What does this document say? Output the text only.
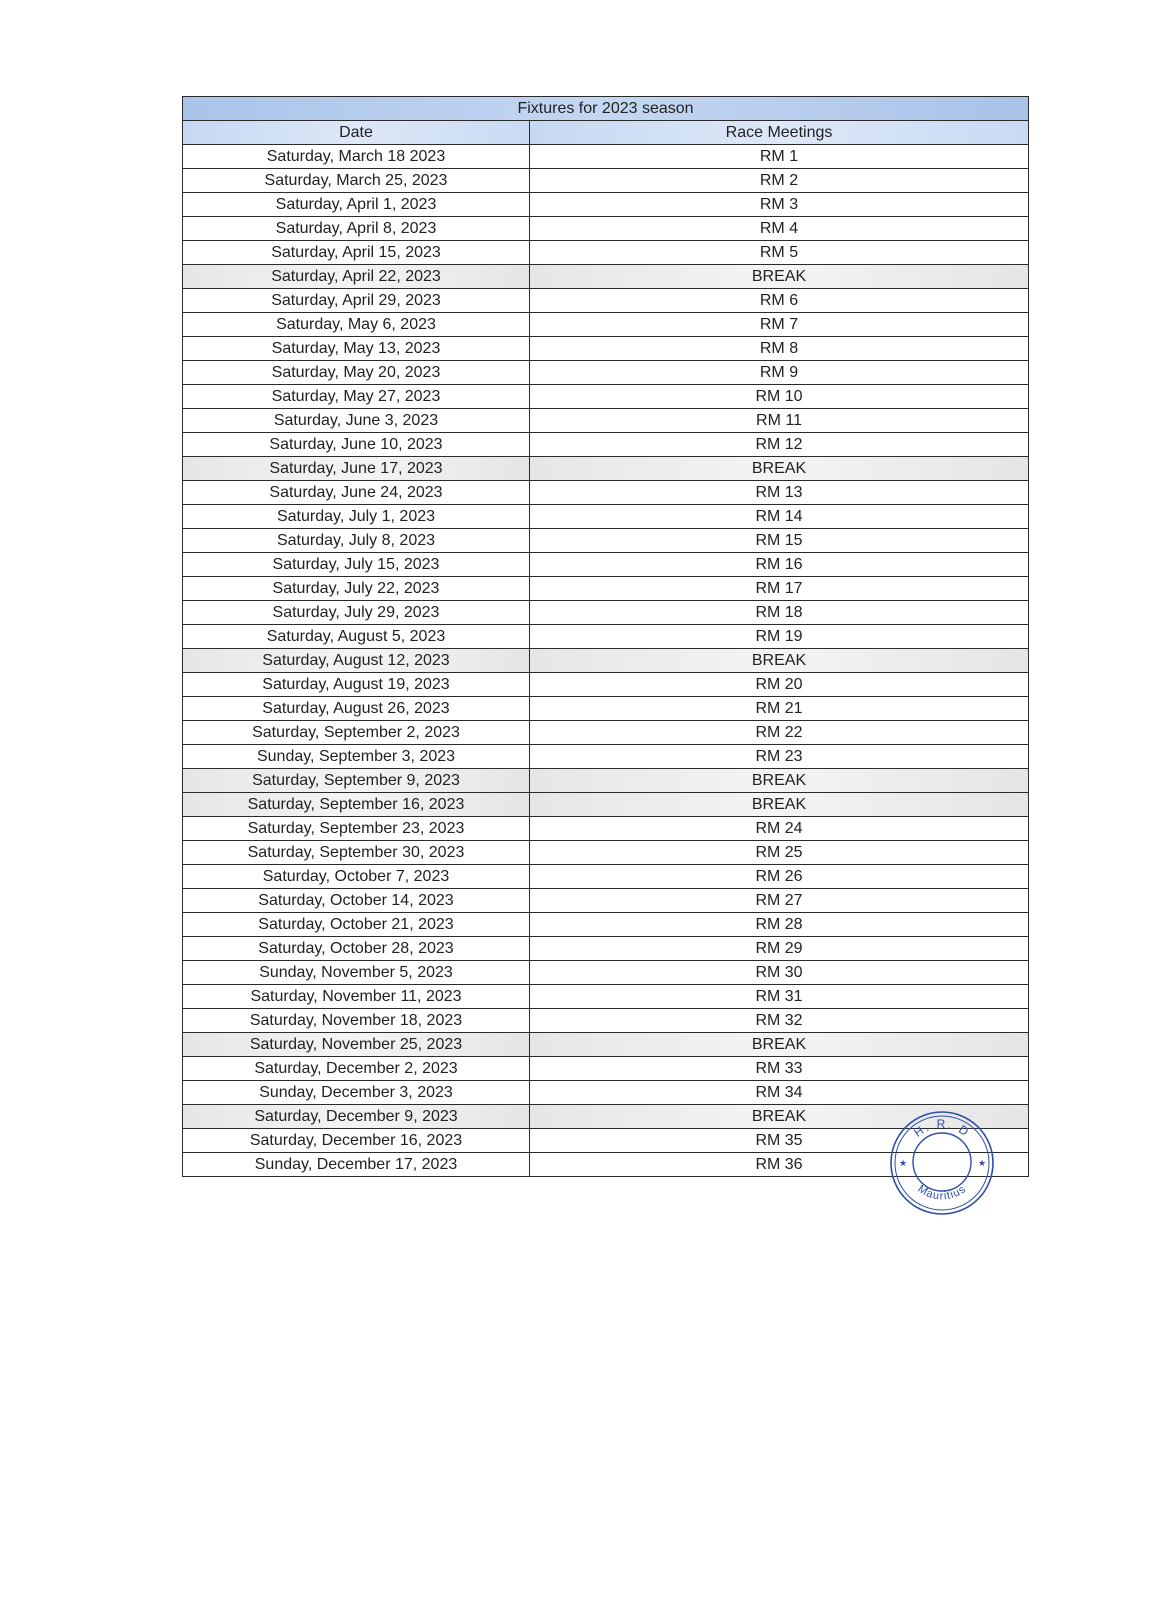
Fixtures for 2023 season	
Date	Race Meetings
Saturday, March 18 2023	RM 1
Saturday, March 25, 2023	RM 2
Saturday, April 1, 2023	RM 3
Saturday, April 8, 2023	RM 4
Saturday, April 15, 2023	RM 5
Saturday, April 22, 2023	BREAK
Saturday, April 29, 2023	RM 6
Saturday, May 6, 2023	RM 7
Saturday, May 13, 2023	RM 8
Saturday, May 20, 2023	RM 9
Saturday, May 27, 2023	RM 10
Saturday, June 3, 2023	RM 11
Saturday, June 10, 2023	RM 12
Saturday, June 17, 2023	BREAK
Saturday, June 24, 2023	RM 13
Saturday, July 1, 2023	RM 14
Saturday, July 8, 2023	RM 15
Saturday, July 15, 2023	RM 16
Saturday, July 22, 2023	RM 17
Saturday, July 29, 2023	RM 18
Saturday, August 5, 2023	RM 19
Saturday, August 12, 2023	BREAK
Saturday, August 19, 2023	RM 20
Saturday, August 26, 2023	RM 21
Saturday, September 2, 2023	RM 22
Sunday, September 3, 2023	RM 23
Saturday, September 9, 2023	BREAK
Saturday, September 16, 2023	BREAK
Saturday, September 23, 2023	RM 24
Saturday, September 30, 2023	RM 25
Saturday, October 7, 2023	RM 26
Saturday, October 14, 2023	RM 27
Saturday, October 21, 2023	RM 28
Saturday, October 28, 2023	RM 29
Sunday, November 5, 2023	RM 30
Saturday, November 11, 2023	RM 31
Saturday, November 18, 2023	RM 32
Saturday, November 25, 2023	BREAK
Saturday, December 2, 2023	RM 33
Sunday, December 3, 2023	RM 34
Saturday, December 9, 2023	BREAK
Saturday, December 16, 2023	RM 35
Sunday, December 17, 2023	RM 36
H. R. D
Mauritius
★	★
